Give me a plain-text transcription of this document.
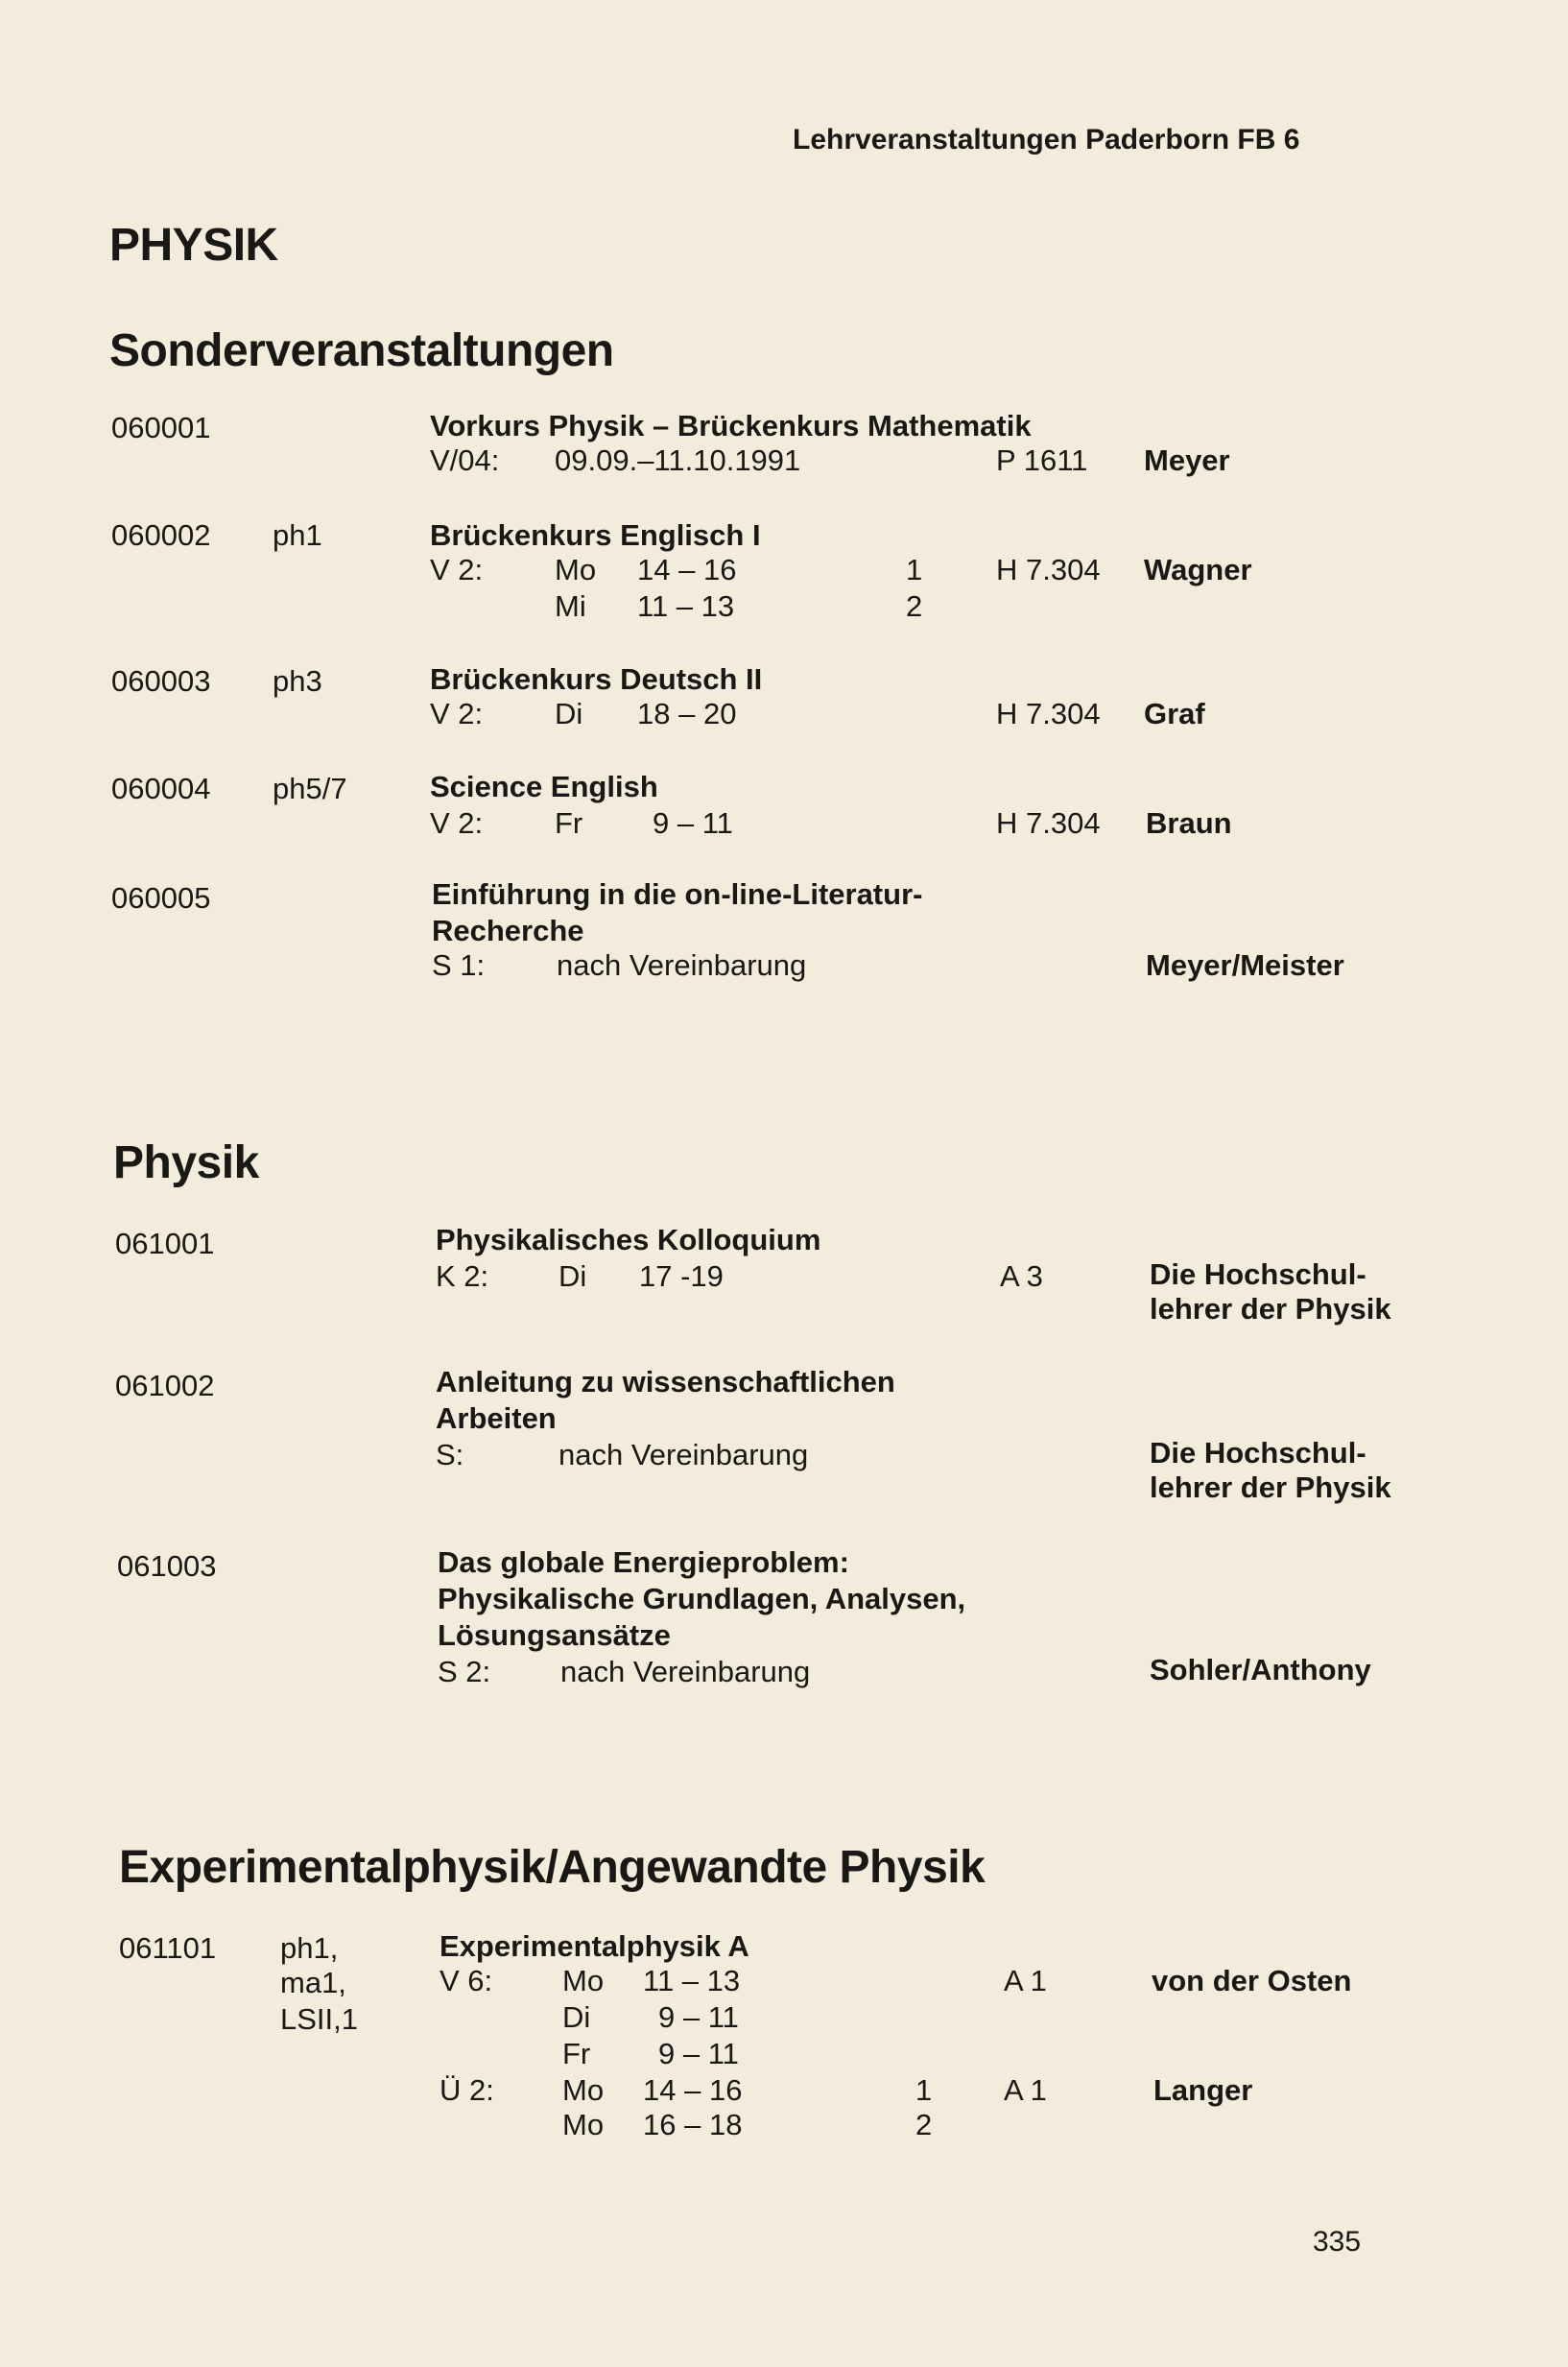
Lehrveranstaltungen Paderborn FB 6
PHYSIK
Sonderveranstaltungen
060001	Vorkurs Physik – Brückenkurs Mathematik
V/04: 09.09.–11.10.1991	P 1611 Meyer
060002 ph1	Brückenkurs Englisch I
V 2: Mo 14 – 16	1 H 7.304 Wagner
Mi 11 – 13	2
060003 ph3	Brückenkurs Deutsch II
V 2: Di 18 – 20	H 7.304 Graf
060004 ph5/7	Science English
V 2: Fr 9 – 11	H 7.304 Braun
060005	Einführung in die on-line-Literatur-
Recherche
S 1: nach Vereinbarung	Meyer/Meister
Physik
061001	Physikalisches Kolloquium
K 2: Di 17 -19	A 3	Die Hochschul-
lehrer der Physik
061002	Anleitung zu wissenschaftlichen
Arbeiten
S:	nach Vereinbarung	Die Hochschul-
lehrer der Physik
061003	Das globale Energieproblem:
Physikalische Grundlagen, Analysen,
Lösungsansätze
S 2: nach Vereinbarung	Sohler/Anthony
Experimentalphysik/Angewandte Physik
061101 ph1,
ma1,
LSII,1
Experimentalphysik A
V 6: Mo 11 – 13	A 1	von der Osten
Di 9 – 11
Fr 9 – 11
Ü 2: Mo 14 – 16	1 A 1	Langer
Mo 16 – 18	2
335
